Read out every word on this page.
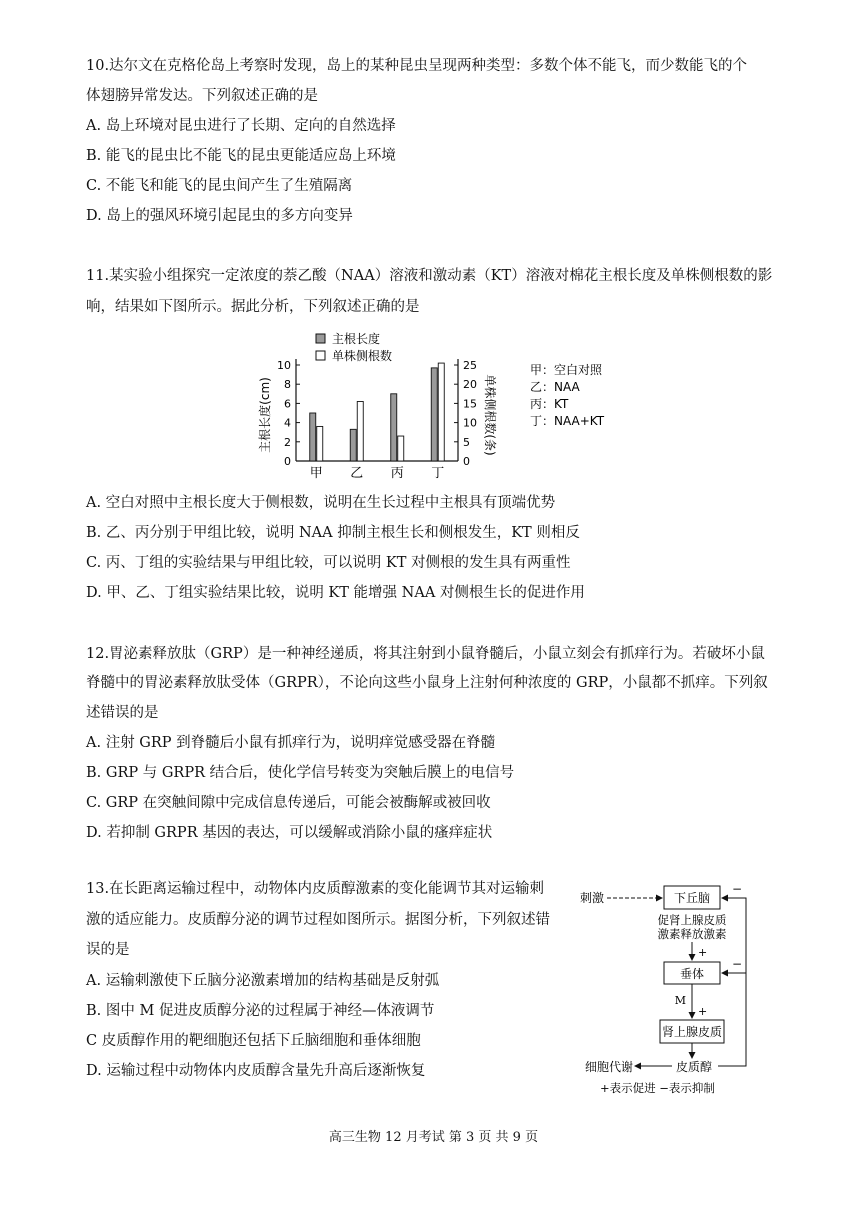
10.达尔文在克格伦岛上考察时发现，岛上的某种昆虫呈现两种类型：多数个体不能飞，而少数能飞的个
体翅膀异常发达。下列叙述正确的是
A. 岛上环境对昆虫进行了长期、定向的自然选择
B. 能飞的昆虫比不能飞的昆虫更能适应岛上环境
C. 不能飞和能飞的昆虫间产生了生殖隔离
D. 岛上的强风环境引起昆虫的多方向变异
11.某实验小组探究一定浓度的萘乙酸（NAA）溶液和激动素（KT）溶液对棉花主根长度及单株侧根数的影
响，结果如下图所示。据此分析，下列叙述正确的是
主根长度
单株侧根数
主根长度(cm)	单株侧根数(条)
0
2
4
6
8
10
0
5
10
15
20
25
甲 乙 丙 丁
甲：空白对照
乙：NAA
丙：KT
丁：NAA+KT
A. 空白对照中主根长度大于侧根数，说明在生长过程中主根具有顶端优势
B. 乙、丙分别于甲组比较，说明 NAA 抑制主根生长和侧根发生，KT 则相反
C. 丙、丁组的实验结果与甲组比较，可以说明 KT 对侧根的发生具有两重性
D. 甲、乙、丁组实验结果比较，说明 KT 能增强 NAA 对侧根生长的促进作用
12.胃泌素释放肽（GRP）是一种神经递质，将其注射到小鼠脊髓后，小鼠立刻会有抓痒行为。若破坏小鼠
脊髓中的胃泌素释放肽受体（GRPR），不论向这些小鼠身上注射何种浓度的 GRP，小鼠都不抓痒。下列叙
述错误的是
A. 注射 GRP 到脊髓后小鼠有抓痒行为，说明痒觉感受器在脊髓
B. GRP 与 GRPR 结合后，使化学信号转变为突触后膜上的电信号
C. GRP 在突触间隙中完成信息传递后，可能会被酶解或被回收
D. 若抑制 GRPR 基因的表达，可以缓解或消除小鼠的瘙痒症状
13.在长距离运输过程中，动物体内皮质醇激素的变化能调节其对运输刺
激的适应能力。皮质醇分泌的调节过程如图所示。据图分析，下列叙述错
误的是
A. 运输刺激使下丘脑分泌激素增加的结构基础是反射弧
B. 图中 M 促进皮质醇分泌的过程属于神经—体液调节
C 皮质醇作用的靶细胞还包括下丘脑细胞和垂体细胞
D. 运输过程中动物体内皮质醇含量先升高后逐渐恢复
刺激	下丘脑
促肾上腺皮质
激素释放激素
+
垂体
M
+
肾上腺皮质
皮质醇
细胞代谢
−
−
+表示促进 −表示抑制
高三生物 12 月考试 第 3 页 共 9 页
